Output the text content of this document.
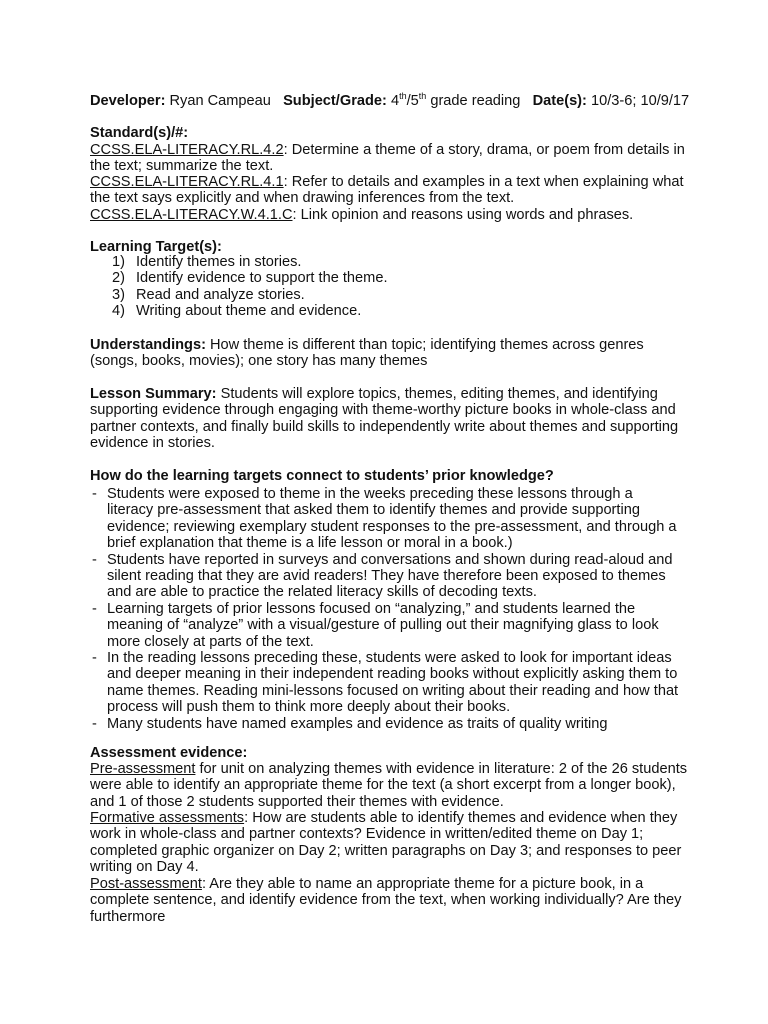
Developer: Ryan Campeau Subject/Grade: 4th/5th grade reading Date(s): 10/3-6; 10/9/17

Standard(s)/#:

CCSS.ELA-LITERACY.RL.4.2: Determine a theme of a story, drama, or poem from details in the text; summarize the text.

CCSS.ELA-LITERACY.RL.4.1: Refer to details and examples in a text when explaining what the text says explicitly and when drawing inferences from the text.

CCSS.ELA-LITERACY.W.4.1.C: Link opinion and reasons using words and phrases.

Learning Target(s):

1) Identify themes in stories.
2) Identify evidence to support the theme.
3) Read and analyze stories.
4) Writing about theme and evidence.

Understandings: How theme is different than topic; identifying themes across genres (songs, books, movies); one story has many themes

Lesson Summary: Students will explore topics, themes, editing themes, and identifying supporting evidence through engaging with theme-worthy picture books in whole-class and partner contexts, and finally build skills to independently write about themes and supporting evidence in stories.

How do the learning targets connect to students’ prior knowledge?

- Students were exposed to theme in the weeks preceding these lessons through a literacy pre-assessment that asked them to identify themes and provide supporting evidence; reviewing exemplary student responses to the pre-assessment, and through a brief explanation that theme is a life lesson or moral in a book.)
- Students have reported in surveys and conversations and shown during read-aloud and silent reading that they are avid readers! They have therefore been exposed to themes and are able to practice the related literacy skills of decoding texts.
- Learning targets of prior lessons focused on “analyzing,” and students learned the meaning of “analyze” with a visual/gesture of pulling out their magnifying glass to look more closely at parts of the text.
- In the reading lessons preceding these, students were asked to look for important ideas and deeper meaning in their independent reading books without explicitly asking them to name themes. Reading mini-lessons focused on writing about their reading and how that process will push them to think more deeply about their books.
- Many students have named examples and evidence as traits of quality writing

Assessment evidence:

Pre-assessment for unit on analyzing themes with evidence in literature: 2 of the 26 students were able to identify an appropriate theme for the text (a short excerpt from a longer book), and 1 of those 2 students supported their themes with evidence.

Formative assessments: How are students able to identify themes and evidence when they work in whole-class and partner contexts? Evidence in written/edited theme on Day 1; completed graphic organizer on Day 2; written paragraphs on Day 3; and responses to peer writing on Day 4.

Post-assessment: Are they able to name an appropriate theme for a picture book, in a complete sentence, and identify evidence from the text, when working individually? Are they furthermore
